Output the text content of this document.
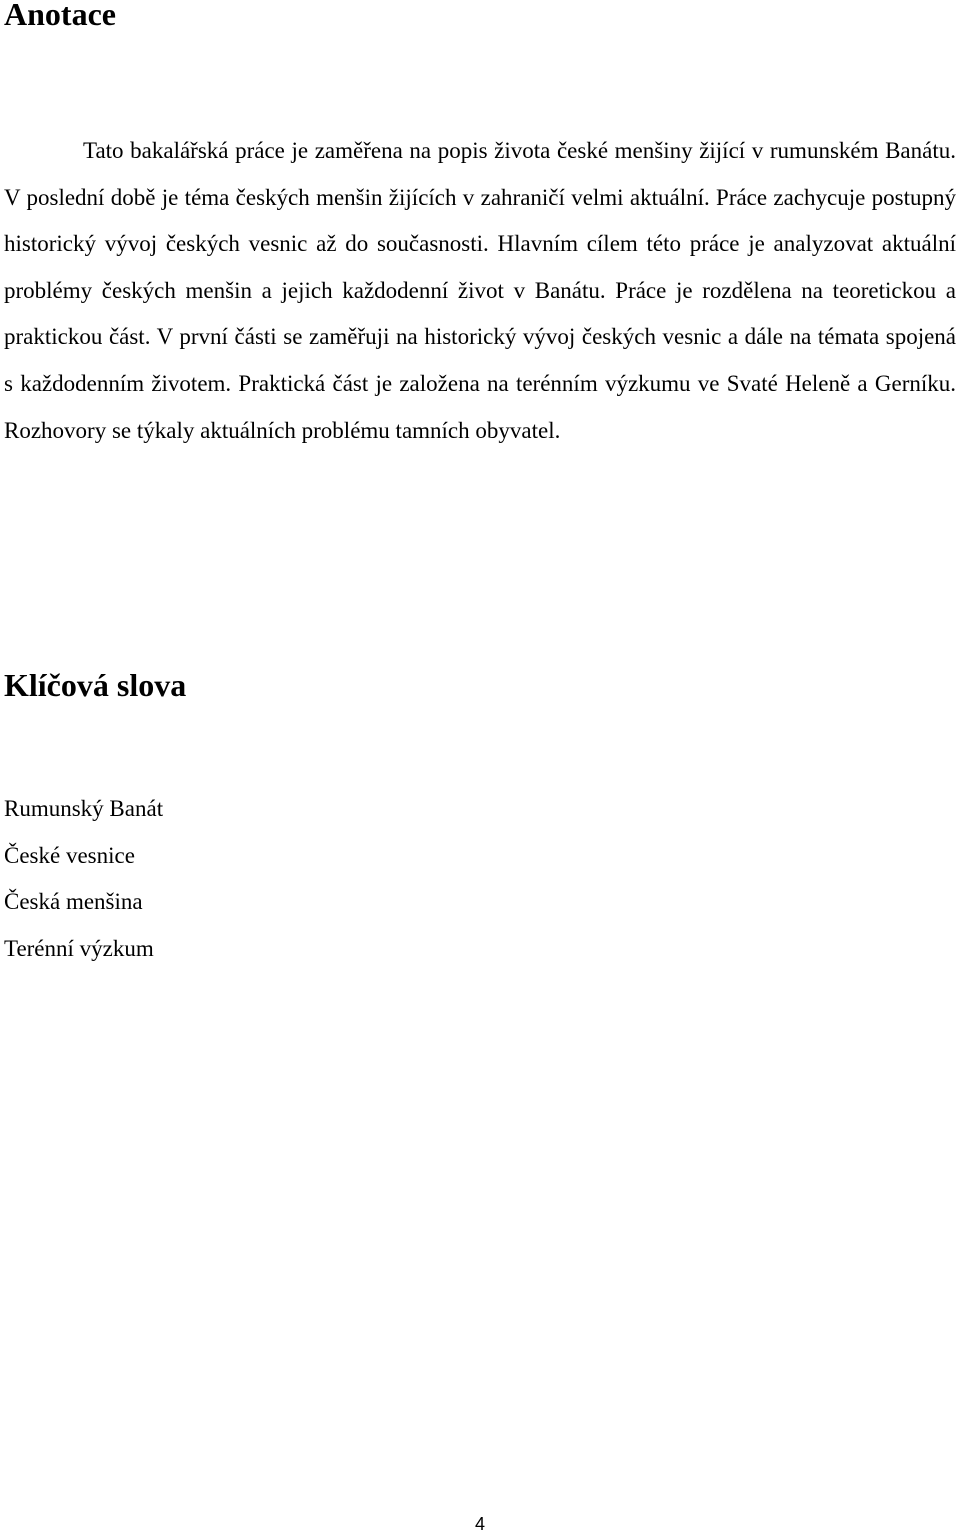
Anotace

Tato bakalářská práce je zaměřena na popis života české menšiny žijící v rumunském Banátu. V poslední době je téma českých menšin žijících v zahraničí velmi aktuální. Práce zachycuje postupný historický vývoj českých vesnic až do současnosti. Hlavním cílem této práce je analyzovat aktuální problémy českých menšin a jejich každodenní život v Banátu. Práce je rozdělena na teoretickou a praktickou část. V první části se zaměřuji na historický vývoj českých vesnic a dále na témata spojená s každodenním životem. Praktická část je založena na terénním výzkumu ve Svaté Heleně a Gerníku. Rozhovory se týkaly aktuálních problému tamních obyvatel.

Klíčová slova
Rumunský Banát
České vesnice
Česká menšina
Terénní výzkum
4
